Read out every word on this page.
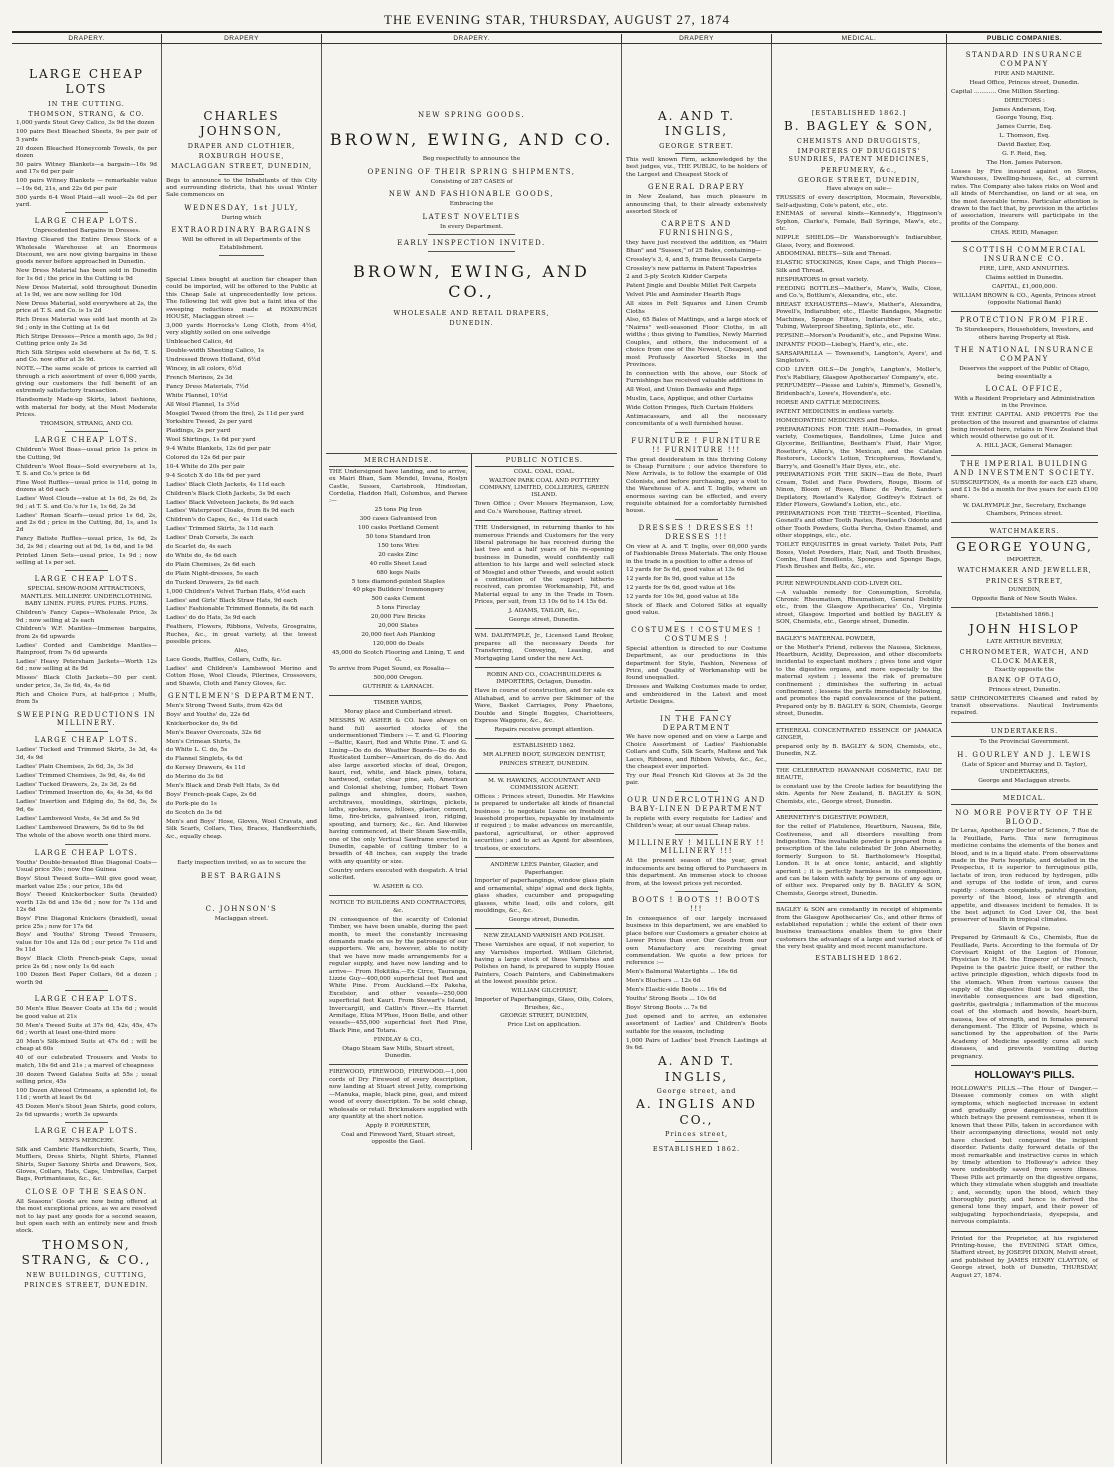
THE EVENING STAR, THURSDAY, AUGUST 27, 1874
DRAPERY.	DRAPERY	DRAPERY.	DRAPERY	MEDICAL.	PUBLIC COMPANIES.
LARGE CHEAP LOTS
IN THE CUTTING.
THOMSON, STRANG, & CO.
1,000 yards Stout Grey Calico, 3s 9d the dozen
100 pairs Best Bleached Sheets, 9s per pair of 5 yards
20 dozen Bleached Honeycomb Towels, 6s per dozen
50 pairs Witney Blankets—a bargain—16s 9d and 17s 6d per pair
100 pairs Witney Blankets — remarkable value—19s 6d, 21s, and 22s 6d per pair
500 yards 6-4 Wool Plaid—all wool—2s 6d per yard.
LARGE CHEAP LOTS.
Unprecedented Bargains in Dresses.
Having Cleared the Entire Dress Stock of a Wholesale Warehouse at an Enormous Discount, we are now giving bargains in these goods never before approached in Dunedin.
New Dress Material has been sold in Dunedin for 1s 6d ; the price in the Cutting is 9d
New Dress Material, sold throughout Dunedin at 1s 9d, we are now selling for 10d
New Dress Material, sold everywhere at 2s, the price at T. S. and Co. is 1s 2d
Rich Dress Material was sold last month at 2s 9d ; only in the Cutting at 1s 6d
Rich Stripe Dresses—Price a month ago, 3s 9d ; Cutting price only 2s 3d
Rich Silk Stripes sold elsewhere at 5s 6d, T. S. and Co. now offer at 3s 9d.
NOTE.—The same scale of prices is carried all through a rich assortment of over 6,000 yards, giving our customers the full benefit of an extremely satisfactory transaction.
Handsomely Made-up Skirts, latest fashions, with material for body, at the Most Moderate Prices.
THOMSON, STRANG, AND CO.
LARGE CHEAP LOTS.
Children's Wool Boas—usual price 1s price in the Cutting, 9d
Children's Wool Boas—Sold everywhere at 1s, T. S. and Co.'s price is 6d
Fine Wool Ruffles—usual price is 11d, going in dozens at 6d each
Ladies' Wool Clouds—value at 1s 6d, 2s 6d, 2s 9d ; at T. S. and Co.'s for 1s, 1s 6d, 2s 3d
Ladies' Roman Scarfs—usual price 1s 6d, 2s, and 2s 6d ; price in the Cutting, 8d, 1s, and 1s 2d
Fancy Batiste Ruffles—usual price, 1s 6d, 2s 3d, 2s 9d ; clearing out at 9d, 1s 6d, and 1s 9d
Printed Linen Sets—usual price, 1s 9d ; now selling at 1s per set.
LARGE CHEAP LOTS.
SPECIAL SHOW-ROOM ATTRACTIONS, MANTLES. MILLINERY. UNDERCLOTHING. BABY LINEN. FURS. FURS. FURS. FURS.
Children's Fancy Capes—Wholesale Price, 3s 9d ; now selling at 2s each
Children's W.F. Mantles—Immense bargains, from 2s 6d upwards
Ladies' Corded and Cambridge Mantles—Rainproof, from 7s 6d upwards
Ladies' Heavy Petersham Jackets—Worth 12s 6d ; now selling at 8s 9d
Misses' Black Cloth Jackets—50 per cent. under price, 3s, 3s 6d, 4s, 4s 6d
Rich and Choice Furs, at half-price ; Muffs, from 5s
SWEEPING REDUCTIONS IN MILLINERY.
LARGE CHEAP LOTS.
Ladies' Tucked and Trimmed Skirts, 3s 3d, 4s 3d, 4s 9d
Ladies' Plain Chemises, 2s 6d, 3s, 3s 3d
Ladies' Trimmed Chemises, 3s 9d, 4s, 4s 6d
Ladies' Tucked Drawers, 2s, 2s 3d, 2s 6d
Ladies' Trimmed Insertion do, 4s, 4s 3d, 4s 6d
Ladies' Insertion and Edging do, 5s 6d, 5s, 5s 9d, 6s
Ladies' Lambswool Vests, 4s 3d and 5s 9d
Ladies' Lambswool Drawers, 5s 6d to 9s 6d
The whole of the above worth one third more.
LARGE CHEAP LOTS.
Youths' Double-breasted Blue Diagonal Coats—Usual price 30s ; now One Guinea
Boys' Stout Tweed Suits—Will give good wear, market value 25s ; our price, 18s 6d
Boys' Tweed Knickerbocker Suits (braided) worth 12s 6d and 15s 6d ; now for 7s 11d and 12s 6d
Boys' Fine Diagonal Knickers (braided), usual price 25s ; now for 17s 6d
Boys' and Youths' Strong Tweed Trousers, value for 10s and 12s 6d ; our price 7s 11d and 9s 11d
Boys' Black Cloth French-peak Caps, usual price 2s 6d ; now only 1s 6d each
100 Dozen Best Paper Collars, 6d a dozen ; worth 9d
LARGE CHEAP LOTS.
50 Men's Blue Beaver Coats at 15s 6d ; would be good value at 21s
50 Men's Tweed Suits at 37s 6d, 42s, 45s, 47s 6d ; worth at least one-third more
20 Men's Silk-mixed Suits at 47s 6d ; will be cheap at 60s
40 of our celebrated Trousers and Vests to match, 18s 6d and 21s ; a marvel of cheapness
30 dozen Tweed Galatea Suits at 55s ; usual selling price, 45s
100 Dozen Allwool Crimeans, a splendid lot, 6s 11d ; worth at least 9s 6d
45 Dozen Men's Stout Jean Shirts, good colors, 2s 6d upwards ; worth 3s upwards
LARGE CHEAP LOTS.
MEN'S MERCERY.
Silk and Cambric Handkerchiefs, Scarfs, Ties, Mufflers, Dress Shirts, Night Shirts, Flannel Shirts, Super Saxony Shirts and Drawers, Sox, Gloves, Collars, Hats, Caps, Umbrellas, Carpet Bags, Portmanteaus, &c., &c.
CLOSE OF THE SEASON.
All Seasons' Goods are now being offered at the most exceptional prices, as we are resolved not to lay past any goods for a second season, but open each with an entirely new and fresh stock.
THOMSON, STRANG, & CO.,
NEW BUILDINGS, CUTTING,
PRINCES STREET, DUNEDIN.
CHARLES JOHNSON,
DRAPER AND CLOTHIER,
ROXBURGH HOUSE,
MACLAGGAN STREET, DUNEDIN,
Begs to announce to the Inhabitants of this City and surrounding districts, that his usual Winter Sale commences on
WEDNESDAY, 1st JULY,
During which
EXTRAORDINARY BARGAINS
Will be offered in all Departments of the Establishment.
Special Lines bought at auction far cheaper than could be imported, will be offered to the Public at this Cheap Sale at unprecedentedly low prices. The following list will give but a faint idea of the sweeping reductions made at ROXBURGH HOUSE, Maclaggan street :—
3,000 yards Horrocks's Long Cloth, from 4½d, very slightly soiled on one selvedge
Unbleached Calico, 4d
Double-width Sheeting Calico, 1s
Undressed Brown Holland, 6½d
Wincey, in all colors, 6½d
French Merinos, 2s 3d
Fancy Dress Materials, 7½d
White Flannel, 10½d
All Wool Flannel, 1s 3½d
Mosgiel Tweed (from the fire), 2s 11d per yard
Yorkshire Tweed, 2s per yard
Plaidings, 2s per yard
Wool Shirtings, 1s 6d per yard
9-4 White Blankets, 12s 6d per pair
Colored do 12s 6d per pair
10-4 White do 20s per pair
9-4 Scotch X do 18s 6d per yard
Ladies' Black Cloth Jackets, 4s 11d each
Children's Black Cloth Jackets, 3s 9d each
Ladies' Black Velveteen Jackets, 8s 9d each
Ladies' Waterproof Cloaks, from 8s 9d each
Children's do Capes, &c., 4s 11d each
Ladies' Trimmed Skirts, 3s 11d each
Ladies' Drab Corsets, 3s each
do Scarlet do, 4s each
do White do, 4s 6d each
do Plain Chemises, 2s 6d each
do Plain Night-dresses, 5s each
do Tucked Drawers, 2s 6d each
1,000 Children's Velvet Turban Hats, 4½d each
Ladies' and Girls' Black Straw Hats, 9d each
Ladies' Fashionable Trimmed Bonnets, 8s 6d each
Ladies' do do Hats, 3s 9d each
Feathers, Flowers, Ribbons, Velvets, Grosgrains, Ruches, &c., in great variety, at the lowest possible prices.
Also,
Lace Goods, Ruffles, Collars, Cuffs, &c.
Ladies' and Children's Lambswool Merino and Cotton Hose, Wool Clouds, Pilerines, Crossovers, and Shawls, Cloth and Fancy Gloves, &c.
GENTLEMEN'S DEPARTMENT.
Men's Strong Tweed Suits, from 42s 6d
Boys' and Youths' do, 22s 6d
Knickerbocker do, 9s 6d
Men's Beaver Overcoats, 32s 6d
Men's Crimean Shirts, 5s
do White L. C. do, 5s
do Flannel Singlets, 4s 6d
do Kersey Drawers, 4s 11d
do Merino do 3s 6d
Men's Black and Drab Felt Hats, 3s 6d
Boys' French-peak Caps, 2s 6d
do Pork-pie do 1s
do Scotch do 3s 6d
Men's and Boys' Hose, Gloves, Wool Cravats, and Silk Scarfs, Collars, Ties, Braces, Handkerchiefs, &c., equally cheap.
Early inspection invited, so as to secure the
BEST BARGAINS
C. JOHNSON'S
Maclaggan street.
NEW SPRING GOODS.
BROWN, EWING, AND CO.
Beg respectfully to announce the
OPENING OF THEIR SPRING SHIPMENTS,
Consisting of 287 CASES of
NEW AND FASHIONABLE GOODS,
Embracing the
LATEST NOVELTIES
In every Department.
EARLY INSPECTION INVITED.
BROWN, EWING, AND CO.,
WHOLESALE AND RETAIL DRAPERS,
DUNEDIN.
MERCHANDISE.
THE Undersigned have landing, and to arrive, ex Mairi Bhan, Sam Mendel, Invana, Roslyn Castle, Sussex, Carisbrook, Hindostan, Cordelia, Haddon Hall, Columbus, and Parsee :—
25 tons Pig Iron
300 cases Galvanised Iron
100 casks Portland Cement
50 tons Standard Iron
150 tons Wire
20 casks Zinc
40 rolls Sheet Lead
680 kegs Nails
5 tons diamond-pointed Staples
40 pkgs Builders' Ironmongery
500 casks Cement
5 tons Fireclay
20,000 Fire Bricks
20,000 Slates
20,000 feet Ash Planking
120,000 do Deals
45,000 do Scotch Flooring and Lining, T. and G.
To arrive from Puget Sound, ex Rosalia—
500,000 Oregon.
GUTHRIE & LARNACH.
TIMBER YARDS,
Moray place and Cumberland street.
MESSRS W. ASHER & CO. have always on hand full assorted stocks of the undermentioned Timbers :— T. and G. Flooring—Baltic, Kauri, Red and White Pine. T. and G. Lining—Do do do. Weather Boards—Do do do. Rusticated Lumber—American, do do do. And also large assorted stocks of deal, Oregon, kauri, red, white, and black pines, totara, hardwood, cedar, clear pine, ash, American and Colonial shelving, lumber, Hobart Town palings and shingles, doors, sashes, architraves, mouldings, skirtings, pickets, laths, spokes, naves, felloes, plaster, cement, lime, fire-bricks, galvanised iron, ridging, spouting, and turnery, &c., &c. And likewise having commenced, at their Steam Saw-mills, one of the only Vertical Sawframe erected in Dunedin, capable of cutting timber to a breadth of 48 inches, can supply the trade with any quantity or size.
Country orders executed with despatch. A trial solicited.
W. ASHER & CO.
NOTICE TO BUILDERS AND CONTRACTORS, &c.
IN consequence of the scarcity of Colonial Timber, we have been unable, during the past month, to meet the constantly increasing demands made on us by the patronage of our supporters. We are, however, able to notify that we have now made arrangements for a regular supply, and have now landing and to arrive— From Hokitika.—Ex Circe, Tauranga, Lizzie Guy—400,000 superficial feet Red and White Pine. From Auckland.—Ex Pakeha, Excelsior, and other vessels—250,000 superficial feet Kauri. From Stewart's Island, Invercargill, and Catlin's River.—Ex Harriet Armitage, Eliza M'Phee, Huon Belle, and other vessels—455,000 superficial feet Red Pine, Black Pine, and Totara.
FINDLAY & CO.,
Otago Steam Saw Mills, Stuart street, Dunedin.
FIREWOOD, FIREWOOD, FIREWOOD.—1,000 cords of Dry Firewood of every description, now landing at Stuart street Jetty, comprising—Manuka, maple, black pine, goai, and mixed wood of every description. To be sold cheap, wholesale or retail. Brickmakers supplied with any quantity at the short notice.
Apply P. FORRESTER,
Coal and Firewood Yard, Stuart street, opposite the Gaol.
PUBLIC NOTICES.
COAL. COAL. COAL.
WALTON PARK COAL AND POTTERY COMPANY, LIMITED, COLLIERIES, GREEN ISLAND.
Town Office ; Over Messrs Heymanson, Low, and Co.'s Warehouse, Rattray street.
THE Undersigned, in returning thanks to his numerous Friends and Customers for the very liberal patronage he has received during the last two and a half years of his re-opening business in Dunedin, would confidently call attention to his large and well selected stock of Mosgiel and other Tweeds, and would solicit a continuation of the support hitherto received, can promise Workmanship, Fit, and Material equal to any in the Trade in Town. Prices, per suit, from 13 10s 6d to 14 15s 6d.
J. ADAMS, TAILOR, &c.,
George street, Dunedin.
WM. DALRYMPLE, Jr., Licensed Land Broker, prepares all the necessary Deeds for Transferring, Conveying, Leasing, and Mortgaging Land under the new Act.
ROBIN AND CO., COACHBUILDERS & IMPORTERS, Octagon, Dunedin.
Have in course of construction, and for sale ex Allahabad, and to arrive per Skimmer of the Wave, Basket Carriages, Pony Phaetons, Double and Single Buggies, Chariotteers, Express Waggons, &c., &c.
Repairs receive prompt attention.
ESTABLISHED 1862.
MR ALFRED BOOT, SURGEON DENTIST,
PRINCES STREET, DUNEDIN.
M. W. HAWKINS, ACCOUNTANT AND COMMISSION AGENT.
Offices : Princes street, Dunedin. Mr Hawkins is prepared to undertake all kinds of financial business ; to negotiate Loans on freehold or leasehold properties, repayable by instalments if required ; to make advances on mercantile, pastoral, agricultural, or other approved securities ; and to act as Agent for absentees, trustees, or executors.
ANDREW LEES Painter, Glazier, and Paperhanger.
Importer of paperhangings, window glass plain and ornamental, ships' signal and deck lights, glass shades, cucumber and propagating glasses, white lead, oils and colors, gilt mouldings, &c., &c.
George street, Dunedin.
NEW ZEALAND VARNISH AND POLISH.
These Varnishes are equal, if not superior, to any Varnishes imported. William Gilchrist, having a large stock of these Varnishes and Polishes on hand, is prepared to supply House Painters, Coach Painters, and Cabinetmakers at the lowest possible price.
WILLIAM GILCHRIST,
Importer of Paperhangings, Glass, Oils, Colors, Brushes, &c.,
GEORGE STREET, DUNEDIN,
Price List on application.
A. AND T. INGLIS,
GEORGE STREET.
This well known Firm, acknowledged by the best judges, viz., THE PUBLIC, to be holders of the Largest and Cheapest Stock of
GENERAL DRAPERY
in New Zealand, has much pleasure in announcing that, to their already extensively assorted Stock of
CARPETS AND FURNISHINGS,
they have just received the addition, ex "Mairi Bhan" and "Sussex," of 25 Bales, containing—
Crossley's 3, 4, and 5, frame Brussels Carpets
Crossley's new patterns in Patent Tapestries
2 and 3-ply Scotch Kidder Carpets
Patent Jingle and Double Millet Felt Carpets
Velvet Pile and Axminster Hearth Rugs
All sizes in Felt Squares and Linen Crumb Cloths
Also, 65 Bales of Mattings, and a large stock of "Nairns" well-seasoned Floor Cloths, in all widths ; thus giving to Families, Newly Married Couples, and others, the inducement of a choice from one of the Newest, Cheapest, and most Profusely Assorted Stocks in the Provinces.
In connection with the above, our Stock of Furnishings has received valuable additions in
All Wool, and Union Damasks and Reps
Muslin, Lace, Applique, and other Curtains
Wide Cotton Fringes, Rich Curtain Holders
Antimacassars, and all the necessary concomitants of a well furnished house.
FURNITURE ! FURNITURE !! FURNITURE !!!
The great desideratum in this thriving Colony is Cheap Furniture ; our advice therefore to New Arrivals, is to follow the example of Old Colonists, and before purchasing, pay a visit to the Warehouse of A. and T. Inglis, where an enormous saving can be effected, and every requisite obtained for a comfortably furnished house.
DRESSES ! DRESSES !! DRESSES !!!
On view at A. and T. Inglis, over 60,000 yards of Fashionable Dress Materials. The only House in the trade in a position to offer a dress of
12 yards for 5s 6d, good value at 13s 6d
12 yards for 8s 9d, good value at 15s
12 yards for 9s 6d, good value at 16s
12 yards for 10s 9d, good value at 18s
Stock of Black and Colored Silks at equally good value.
COSTUMES ! COSTUMES ! COSTUMES !
Special attention is directed to our Costume Department, as our productions in this department for Style, Fashion, Newness of Price, and Quality of Workmanship will be found unequalled.
Dresses and Walking Costumes made to order, and embroidered in the Latest and most Artistic Designs.
IN THE FANCY DEPARTMENT
We have now opened and on view a Large and Choice Assortment of Ladies' Fashionable Collars and Cuffs, Silk Scarfs, Maltese and Yak Laces, Ribbons, and Ribbon Velvets, &c., &c., the cheapest ever imported.
Try our Real French Kid Gloves at 3s 3d the pair.
OUR UNDERCLOTHING AND BABY-LINEN DEPARTMENT
Is replete with every requisite for Ladies' and Children's wear, at our usual Cheap rates.
MILLINERY ! MILLINERY !! MILLINERY !!!
At the present season of the year, great inducements are being offered to Purchasers in this department. An immense stock to choose from, at the lowest prices yet recorded.
BOOTS ! BOOTS !! BOOTS !!!
In consequence of our largely increased business in this department, we are enabled to place before our Customers a greater choice at Lower Prices than ever. Our Goods from our own Manufactory are receiving great commendation. We quote a few prices for reference :—
Men's Balmoral Watertights ... 16s 6d
Men's Bluchers ... 12s 6d
Men's Elastic-side Boots ... 16s 6d
Youths' Strong Boots ... 10s 6d
Boys' Strong Boots ... 7s 6d
Just opened and to arrive, an extensive assortment of Ladies' and Children's Boots suitable for the season, including
1,000 Pairs of Ladies' best French Lastings at 9s 6d.
A. AND T. INGLIS,
George street, and
A. INGLIS AND CO.,
Princes street,
ESTABLISHED 1862.
[ESTABLISHED 1862.]
B. BAGLEY & SON,
CHEMISTS AND DRUGGISTS,
IMPORTERS OF DRUGGISTS' SUNDRIES, PATENT MEDICINES,
PERFUMERY, &c.,
GEORGE STREET, DUNEDIN,
Have always on sale—
TRUSSES of every description, Mocmain, Reversible, Self-adjusting, Cole's patent, etc., etc.
ENEMAS of several kinds—Kennedy's, Higginson's Syphon, Clarke's, Female, Ball Syringe, Maw's, etc., etc.
NIPPLE SHIELDS—Dr Wansborough's Indiarubber, Glass, Ivory, and Boxwood.
ABDOMINAL BELTS—Silk and Thread.
ELASTIC STOCKINGS, Knee Caps, and Thigh Pieces—Silk and Thread.
RESPIRATORS in great variety.
FEEDING BOTTLES—Mather's, Maw's, Walls, Close, and Co.'s, Bottlum's, Alexandra, etc., etc.
BREAST EXHAUSTERS—Maw's, Mather's, Alexandra, Powell's, Indiarubber, etc., Elastic Bandages, Magnetic Machines, Sponge Filters, Indiarubber Teats, etc., Tubing, Waterproof Sheeting, Splints, etc., etc.
PEPSINE—Morson's Poudanit's, etc., and Pepsine Wine.
INFANTS' FOOD—Liebeg's, Hard's, etc., etc.
SARSAPARILLA — Townsend's, Langton's, Ayers', and Singleton's.
COD LIVER OILS—De Jongh's, Langton's, Moller's, Fox's Rabiliary, Glasgow Apothecaries' Company's, etc.
PERFUMERY—Piesse and Lubin's, Rimmel's, Gosnell's, Bridenbach's, Lowe's, Hovenden's, etc.
HORSE AND CATTLE MEDICINES.
PATENT MEDICINES in endless variety.
HOMŒOPATHIC MEDICINES and Books.
PREPARATIONS FOR THE HAIR—Pomades, in great variety, Cosmetiques, Bandolines, Lime Juice and Glycerine, Brilliantine, Beetham's Fluid, Hair Vigor, Rosetter's, Allen's, the Mexican, and the Catalan Restorers, Locock's Lotion, Tricopherous, Rowland's, Barry's, and Gosnell's Hair Dyes, etc., etc.
PREPARATIONS FOR THE SKIN—Eau de Bote, Pearl Cream, Toilet and Face Powders, Rouge, Bloom of Ninon, Bloom of Roses, Blanc de Perle, Sander's Depilatory, Rowland's Kalydor, Godfrey's Extract of Elder Flowers, Gowland's Lotion, etc., etc.
PREPARATIONS FOR THE TEETH—Scented, Florilina, Gosnell's and other Tooth Pastes, Rowland's Odonto and other Tooth Powders, Gutta Percha, Osteo Enamel, and other stoppings, etc., etc.
TOILET REQUISITES in great variety. Toilet Pots, Puff Boxes, Violet Powders, Hair, Nail, and Tooth Brushes, Combs, Hand Emollients, Sponges and Sponge Bags, Flesh Brushes and Belts, &c., etc.
PURE NEWFOUNDLAND COD-LIVER OIL.
—A valuable remedy for Consumption, Scrofula, Chronic Rheumatism, Rheumatism, General Debility etc., from the Glasgow Apothecaries' Co., Virginia street, Glasgow. Imported and bottled by BAGLEY & SON, Chemists, etc., George street, Dunedin.
BAGLEY'S MATERNAL POWDER,
or the Mother's Friend, relieves the Nausea, Sickness, Heartburn, Acidity, Depression, and other discomforts incidental to expectant mothers ; gives tone and vigor to the digestive organs, and more especially to the maternal system ; lessens the risk of premature confinement ; diminishes the suffering in actual confinement ; lessens the perils immediately following, and promotes the rapid convalescence of the patient. Prepared only by B. BAGLEY & SON, Chemists, George street, Dunedin.
ETHEREAL CONCENTRATED ESSENCE OF JAMAICA GINGER,
prepared only by B. BAGLEY & SON, Chemists, etc., Dunedin, N.Z.
THE CELEBRATED HAVANNAH COSMETIC, EAU DE BEAUTE,
is constant use by the Creole ladies for beautifying the skin. Agents for New Zealand, B. BAGLEY & SON, Chemists, etc., George street, Dunedin.
ABERNETHY'S DIGESTIVE POWDER,
for the relief of Flatulence, Heartburn, Nausea, Bile, Costiveness, and all disorders resulting from Indigestion. This invaluable powder is prepared from a prescription of the late celebrated Dr John Abernethy, formerly Surgeon to St. Bartholomew's Hospital, London. It is at once tonic, antacid, and slightly aperient ; it is perfectly harmless in its composition, and can be taken with safety by persons of any age or of either sex. Prepared only by B. BAGLEY & SON, Chemists, George street, Dunedin.
BAGLEY & SON are constantly in receipt of shipments from the Glasgow Apothecaries' Co., and other firms of established reputation ; while the extent of their own business transactions enables them to give their customers the advantage of a large and varied stock of the very best quality and most recent manufacture.
ESTABLISHED 1862.
STANDARD INSURANCE COMPANY
FIRE AND MARINE.
Head Office, Princes street, Dunedin.
Capital ............ One Million Sterling.
DIRECTORS :
James Anderson, Esq.
George Young, Esq.
James Currie, Esq.
L. Thomson, Esq.
David Baxter, Esq.
G. F. Reid, Esq.
The Hon. James Paterson.
Losses by Fire insured against on Stores, Warehouses, Dwelling-houses, &c., at current rates. The Company also takes risks on Wool and all kinds of Merchandise, on land or at sea, on the most favorable terms. Particular attention is drawn to the fact that, by provision in the articles of association, insurers will participate in the profits of the Company.
CHAS. REID, Manager.
SCOTTISH COMMERCIAL INSURANCE CO.
FIRE, LIFE, AND ANNUITIES.
Claims settled in Dunedin.
CAPITAL, £1,000,000.
WILLIAM BROWN & CO., Agents, Princes street (opposite National Bank)
PROTECTION FROM FIRE.
To Storekeepers, Householders, Investors, and others having Property at Risk.
THE NATIONAL INSURANCE COMPANY
Deserves the support of the Public of Otago, being essentially a
LOCAL OFFICE,
With a Resident Proprietary and Administration in the Province.
THE ENTIRE CAPITAL AND PROFITS For the protection of the insured and guarantee of claims being invested here, retains in New Zealand that which would otherwise go out of it.
A. HILL JACK, General Manager.
THE IMPERIAL BUILDING AND INVESTMENT SOCIETY.
SUBSCRIPTION, 4s a month for each £25 share, and £1 5s 8d a month for five years for each £100 share.
W. DALRYMPLE Jnr., Secretary, Exchange Chambers, Princes street.
WATCHMAKERS.
GEORGE YOUNG,
IMPORTER,
WATCHMAKER AND JEWELLER,
PRINCES STREET,
DUNEDIN,
Opposite Bank of New South Wales.
[Established 1866.]
JOHN HISLOP
LATE ARTHUR BEVERLY,
CHRONOMETER, WATCH, AND CLOCK MAKER,
Exactly opposite the
BANK OF OTAGO,
Princes street, Dunedin.
SHIP CHRONOMETERS Cleaned and rated by transit observations. Nautical Instruments repaired.
UNDERTAKERS.
To the Provincial Government.
H. GOURLEY AND J. LEWIS
(Late of Spicer and Murray and D. Taylor), UNDERTAKERS,
George and Maclaggan streets.
MEDICAL.
NO MORE POVERTY OF THE BLOOD.
Dr Leras, Apothecary Doctor of Science, 7 Rue de la Feuillade, Paris. This new ferruginous medicine contains the elements of the bones and blood, and is in a liquid state. From observations made in the Paris hospitals, and detailed in the Prospectus, it is superior to ferruginous pills, lactate of iron, iron reduced by hydrogen, pills and syrups of the iodide of iron, and cures rapidly : stomach complaints, painful digestion, poverty of the blood, loss of strength and appetite, and diseases incident to females. It is the best adjunct to Cod Liver Oil, the best preserver of health in tropical climates.
Slavin of Pepsine.
Prepared by Grimault & Co., Chemists, Rue de Feuillade, Paris. According to the formula of Dr Corvisart Knight of the Legion of Honour, Physician to H.M. the Emperor of the French, Pepsine is the gastric juice itself, or rather the active principle digestion, which digests food in the stomach. When from various causes the supply of the digestive fluid is too small, the inevitable consequences are bad digestion, gastritis, gastralgia ; inflammation of the mucous coat of the stomach and bowels, heart-burn, nausea, loss of strength, and in females general derangement. The Elixir of Pepsine, which is sanctioned by the approbation of the Paris Academy of Medicine speedily cures all such diseases, and prevents vomiting during pregnancy.
HOLLOWAY'S PILLS.
HOLLOWAY'S PILLS.—The Hour of Danger.—Disease commonly comes on with slight symptoms, which neglected increase in extent and gradually grow dangerous—a condition which betrays the present remissness, when it is known that these Pills, taken in accordance with their accompanying directions, would not only have checked but conquered the incipient disorder. Patients daily forward details of the most remarkable and instructive cures in which by timely attention to Holloway's advice they were undoubtedly saved from severe illness. These Pills act primarily on the digestive organs, which they stimulate when sluggish and insatiate ; and, secondly, upon the blood, which they thoroughly purify, and hence is derived the general tone they impart, and their power of subjugating hypochondriasis, dyspepsia, and nervous complaints.
Printed for the Proprietor, at his registered Printing-house, the EVENING STAR Office, Stafford street, by JOSEPH DIXON, Melvill street, and published by JAMES HENRY CLAYTON, of George street, both of Dunedin, THURSDAY, August 27, 1874.
